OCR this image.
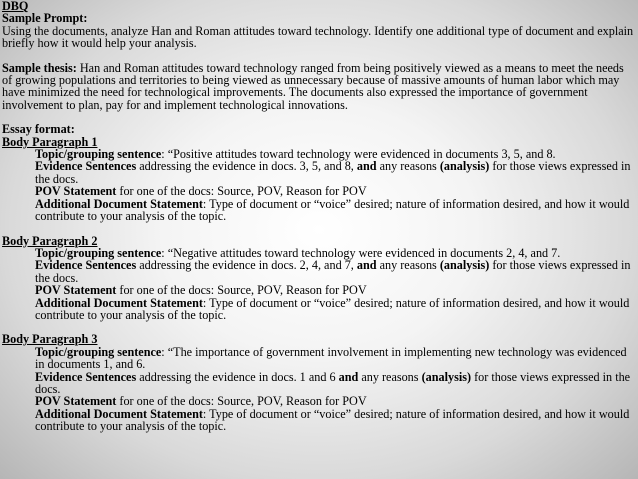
DBQ

Sample Prompt:
Using the documents, analyze Han and Roman attitudes toward technology. Identify one additional type of document and explain briefly how it would help your analysis.

Sample thesis: Han and Roman attitudes toward technology ranged from being positively viewed as a means to meet the needs of growing populations and territories to being viewed as unnecessary because of massive amounts of human labor which may have minimized the need for technological improvements. The documents also expressed the importance of government involvement to plan, pay for and implement technological innovations.

Essay format:

Body Paragraph 1

Topic/grouping sentence: “Positive attitudes toward technology were evidenced in documents 3, 5, and 8.

Evidence Sentences addressing the evidence in docs. 3, 5, and 8, and any reasons (analysis) for those views expressed in the docs.

POV Statement for one of the docs: Source, POV, Reason for POV

Additional Document Statement: Type of document or “voice” desired; nature of information desired, and how it would contribute to your analysis of the topic.

Body Paragraph 2

Topic/grouping sentence: “Negative attitudes toward technology were evidenced in documents 2, 4, and 7.

Evidence Sentences addressing the evidence in docs. 2, 4, and 7, and any reasons (analysis) for those views expressed in the docs.

POV Statement for one of the docs: Source, POV, Reason for POV

Additional Document Statement: Type of document or “voice” desired; nature of information desired, and how it would contribute to your analysis of the topic.

Body Paragraph 3

Topic/grouping sentence: “The importance of government involvement in implementing new technology was evidenced in documents 1, and 6.

Evidence Sentences addressing the evidence in docs. 1 and 6 and any reasons (analysis) for those views expressed in the docs.

POV Statement for one of the docs: Source, POV, Reason for POV

Additional Document Statement: Type of document or “voice” desired; nature of information desired, and how it would contribute to your analysis of the topic.
